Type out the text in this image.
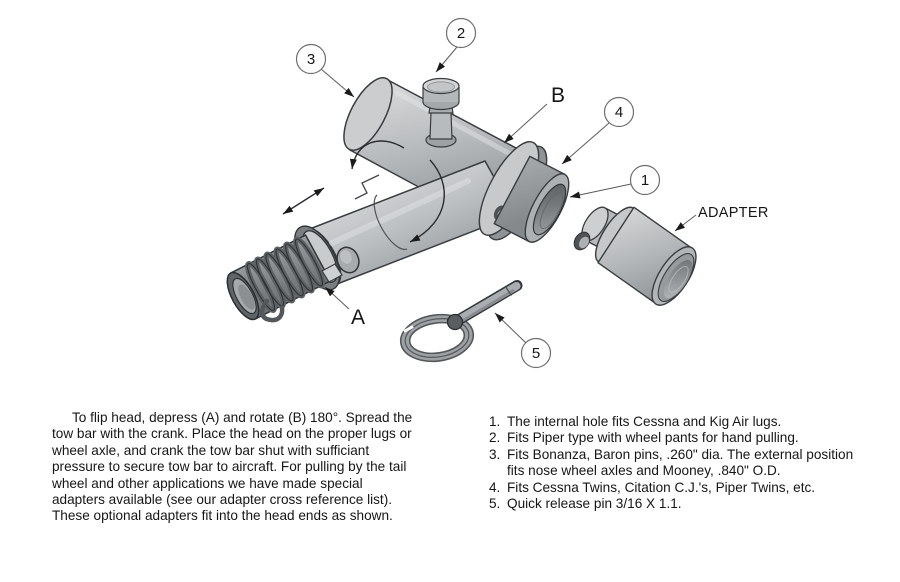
2
3
4
1
5
B
A
ADAPTER

To flip head, depress (A) and rotate (B) 180°. Spread the tow bar with the crank. Place the head on the proper lugs or wheel axle, and crank the tow bar shut with sufficiant pressure to secure tow bar to aircraft. For pulling by the tail wheel and other applications we have made special adapters available (see our adapter cross reference list). These optional adapters fit into the head ends as shown.

1. The internal hole fits Cessna and Kig Air lugs.
2. Fits Piper type with wheel pants for hand pulling.
3. Fits Bonanza, Baron pins, .260" dia. The external position fits nose wheel axles and Mooney, .840" O.D.
4. Fits Cessna Twins, Citation C.J.'s, Piper Twins, etc.
5. Quick release pin 3/16 X 1.1.
